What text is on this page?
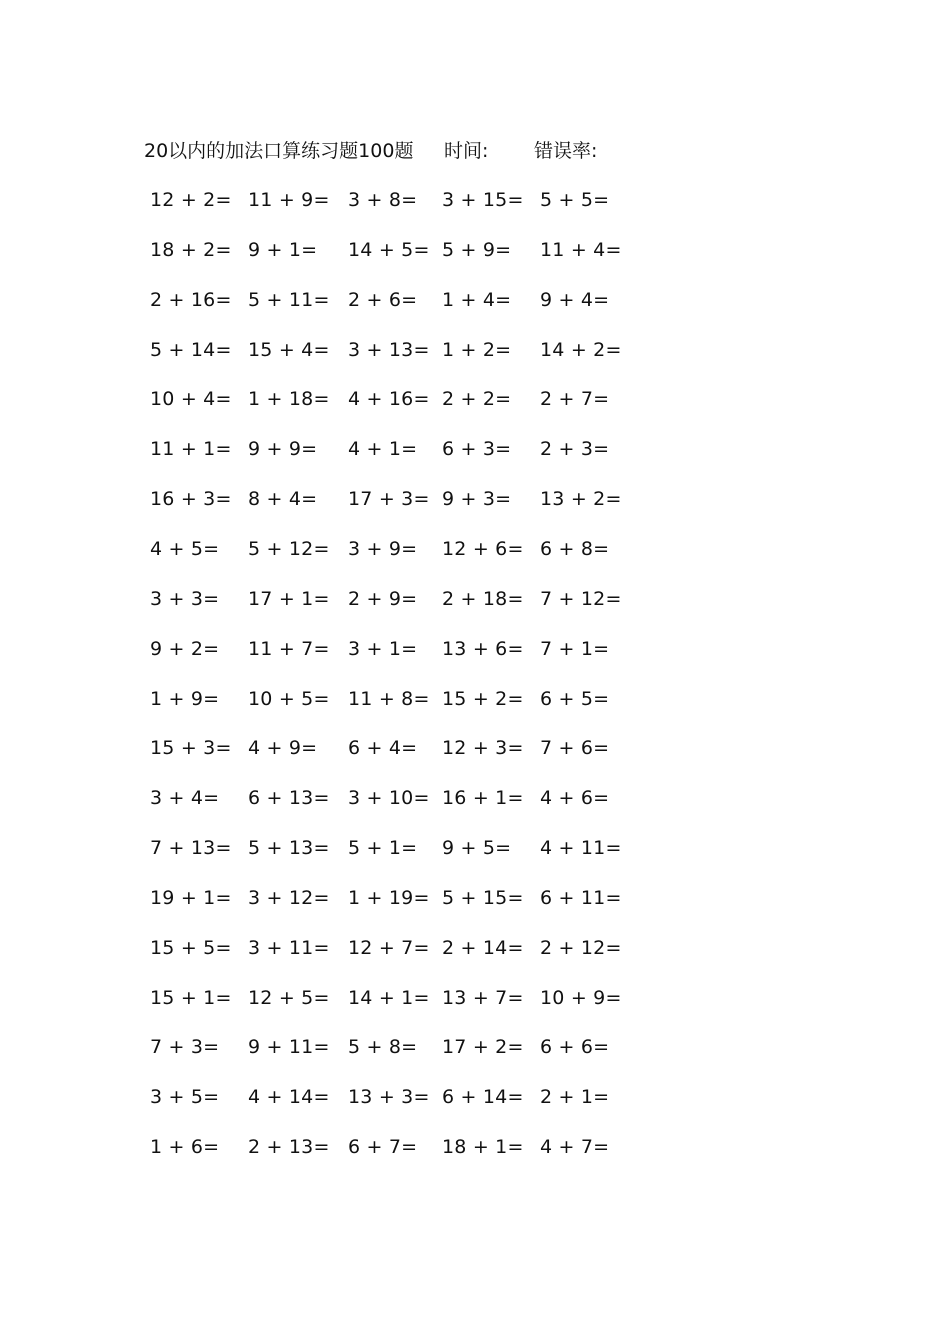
20以内的加法口算练习题100题 时间: 错误率:
12 + 2= 11 + 9= 3 + 8= 3 + 15= 5 + 5=
18 + 2= 9 + 1= 14 + 5= 5 + 9= 11 + 4=
2 + 16= 5 + 11= 2 + 6= 1 + 4= 9 + 4=
5 + 14= 15 + 4= 3 + 13= 1 + 2= 14 + 2=
10 + 4= 1 + 18= 4 + 16= 2 + 2= 2 + 7=
11 + 1= 9 + 9= 4 + 1= 6 + 3= 2 + 3=
16 + 3= 8 + 4= 17 + 3= 9 + 3= 13 + 2=
4 + 5= 5 + 12= 3 + 9= 12 + 6= 6 + 8=
3 + 3= 17 + 1= 2 + 9= 2 + 18= 7 + 12=
9 + 2= 11 + 7= 3 + 1= 13 + 6= 7 + 1=
1 + 9= 10 + 5= 11 + 8= 15 + 2= 6 + 5=
15 + 3= 4 + 9= 6 + 4= 12 + 3= 7 + 6=
3 + 4= 6 + 13= 3 + 10= 16 + 1= 4 + 6=
7 + 13= 5 + 13= 5 + 1= 9 + 5= 4 + 11=
19 + 1= 3 + 12= 1 + 19= 5 + 15= 6 + 11=
15 + 5= 3 + 11= 12 + 7= 2 + 14= 2 + 12=
15 + 1= 12 + 5= 14 + 1= 13 + 7= 10 + 9=
7 + 3= 9 + 11= 5 + 8= 17 + 2= 6 + 6=
3 + 5= 4 + 14= 13 + 3= 6 + 14= 2 + 1=
1 + 6= 2 + 13= 6 + 7= 18 + 1= 4 + 7=
